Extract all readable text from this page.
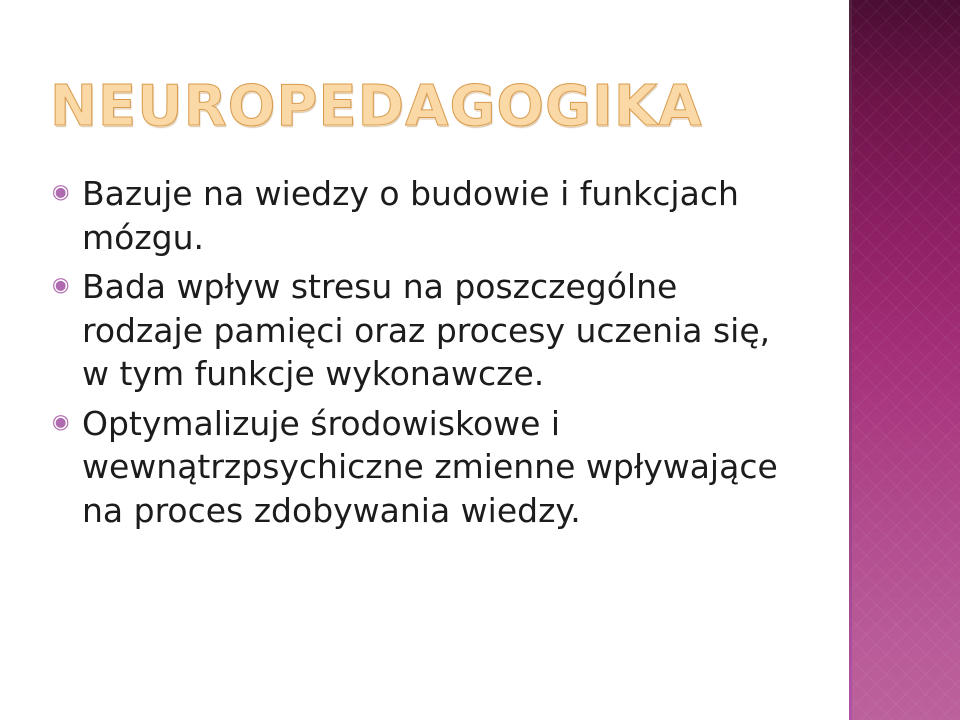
NEUROPEDAGOGIKA
◉ Bazuje na wiedzy o budowie i funkcjach mózgu.
◉ Bada wpływ stresu na poszczególne rodzaje pamięci oraz procesy uczenia się, w tym funkcje wykonawcze.
◉ Optymalizuje środowiskowe i wewnątrzpsychiczne zmienne wpływające na proces zdobywania wiedzy.
